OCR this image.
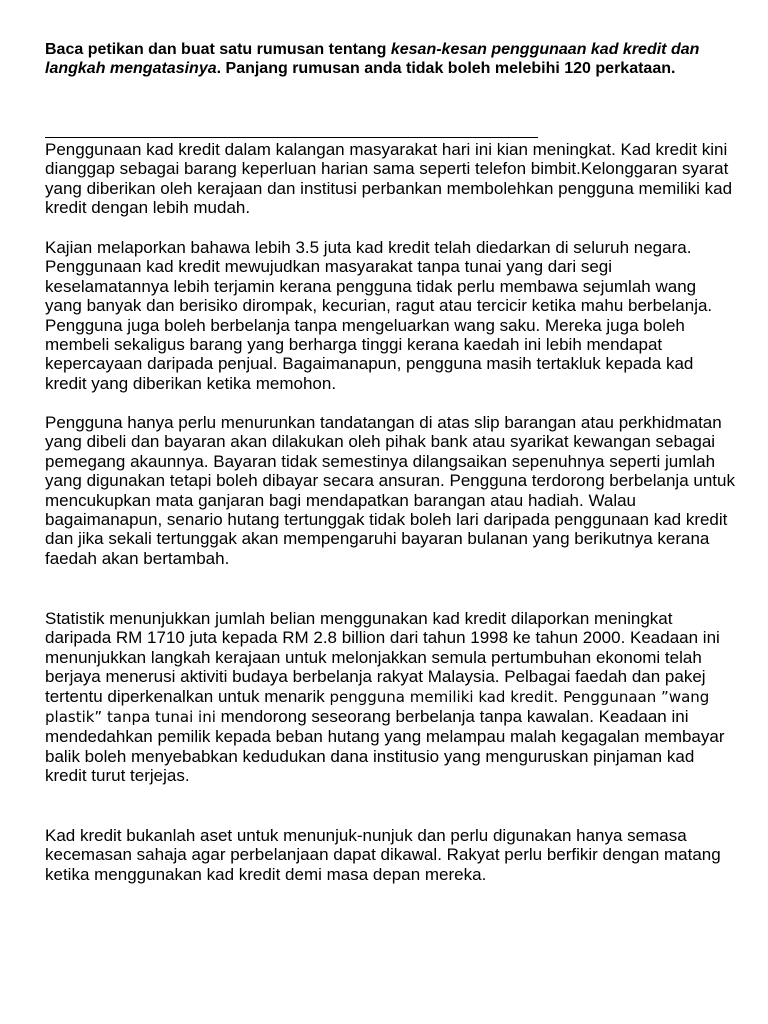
Baca petikan dan buat satu rumusan tentang kesan-kesan penggunaan kad kredit dan langkah mengatasinya. Panjang rumusan anda tidak boleh melebihi 120 perkataan.

Penggunaan kad kredit dalam kalangan masyarakat hari ini kian meningkat. Kad kredit kini dianggap sebagai barang keperluan harian sama seperti telefon bimbit.Kelonggaran syarat yang diberikan oleh kerajaan dan institusi perbankan membolehkan pengguna memiliki kad kredit dengan lebih mudah.

Kajian melaporkan bahawa lebih 3.5 juta kad kredit telah diedarkan di seluruh negara. Penggunaan kad kredit mewujudkan masyarakat tanpa tunai yang dari segi keselamatannya lebih terjamin kerana pengguna tidak perlu membawa sejumlah wang yang banyak dan berisiko dirompak, kecurian, ragut atau tercicir ketika mahu berbelanja. Pengguna juga boleh berbelanja tanpa mengeluarkan wang saku. Mereka juga boleh membeli sekaligus barang yang berharga tinggi kerana kaedah ini lebih mendapat kepercayaan daripada penjual. Bagaimanapun, pengguna masih tertakluk kepada kad kredit yang diberikan ketika memohon.

Pengguna hanya perlu menurunkan tandatangan di atas slip barangan atau perkhidmatan yang dibeli dan bayaran akan dilakukan oleh pihak bank atau syarikat kewangan sebagai pemegang akaunnya. Bayaran tidak semestinya dilangsaikan sepenuhnya seperti jumlah yang digunakan tetapi boleh dibayar secara ansuran. Pengguna terdorong berbelanja untuk mencukupkan mata ganjaran bagi mendapatkan barangan atau hadiah. Walau bagaimanapun, senario hutang tertunggak tidak boleh lari daripada penggunaan kad kredit dan jika sekali tertunggak akan mempengaruhi bayaran bulanan yang berikutnya kerana faedah akan bertambah.

Statistik menunjukkan jumlah belian menggunakan kad kredit dilaporkan meningkat daripada RM 1710 juta kepada RM 2.8 billion dari tahun 1998 ke tahun 2000. Keadaan ini menunjukkan langkah kerajaan untuk melonjakkan semula pertumbuhan ekonomi telah berjaya menerusi aktiviti budaya berbelanja rakyat Malaysia. Pelbagai faedah dan pakej tertentu diperkenalkan untuk menarik pengguna memiliki kad kredit. Penggunaan ”wang plastik” tanpa tunai ini mendorong seseorang berbelanja tanpa kawalan. Keadaan ini mendedahkan pemilik kepada beban hutang yang melampau malah kegagalan membayar balik boleh menyebabkan kedudukan dana institusio yang menguruskan pinjaman kad kredit turut terjejas.

Kad kredit bukanlah aset untuk menunjuk-nunjuk dan perlu digunakan hanya semasa kecemasan sahaja agar perbelanjaan dapat dikawal. Rakyat perlu berfikir dengan matang ketika menggunakan kad kredit demi masa depan mereka.
